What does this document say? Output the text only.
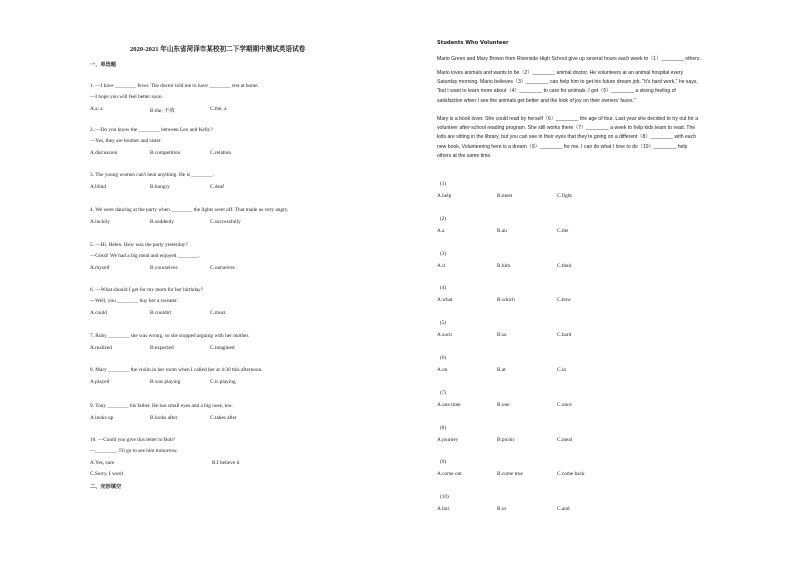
2020-2021 年山东省菏泽市某校初二下学期期中测试英语试卷
一、单选题
1. —I have ________ fever. The doctor told me to have ________ rest at home.
—I hope you will feel better soon.
A.a; a	B.the; 不填	C.the; a
2. —Do you know the ________ between Leo and Kelly?
—Yes, they are brother and sister.
A.discussion	B.competition	C.relation
3. The young women can't hear anything. He is ________.
A.blind	B.hungry	C.deaf
4. We were dancing at the party when ________ the lights went off. That made us very angry.
A.luckily	B.suddenly	C.successfully
5. —Hi, Helen. How was the party yesterday?
—Great! We had a big meal and enjoyed ________.
A.myself	B.yourselves	C.ourselves
6. —What should I get for my mom for her birthday?
—Well, you ________ buy her a sweater.
A.could	B.couldn't	C.must
7. Ruby ________ she was wrong, so she stopped arguing with her mother.
A.realized	B.expected	C.imagined
8. Mary ________ the violin in her room when I called her at 4:30 this afternoon.
A.played	B.was playing	C.is playing
9. Tony ________ his father. He has small eyes and a big nose, too.
A.looks up	B.looks after	C.takes after
10. —Could you give this letter to Bob?
—________. I'll go to see him tomorrow.
A.Yes, sure	B.I believe it
C.Sorry, I won't
二、完形填空
Students Who Volunteer
Mario Green and Mary Brown from Riverside High School give up several hours each week to（1）________ others.
Mario loves animals and wants to be（2）________ animal doctor. He volunteers at an animal hospital every
Saturday morning. Mario believes（3）________ can help him to get his future dream job. "It's hard work," he says,
"but I want to learn more about（4）________ to care for animals. I get（5）________ a strong feeling of
satisfaction when I see the animals get better and the look of joy on their owners' faces."
Mary is a book lover. She could read by herself（6）________ the age of four. Last year she decided to try out for a
volunteer after-school reading program. She still works there（7）________ a week to help kids learn to read. The
kids are sitting in the library, but you can see in their eyes that they're going on a different（8）________ with each
new book. Volunteering here is a dream（9）________ for me. I can do what I love to do（10）________ help
others at the same time.
(1)
A.help	B.meet	C.fight
(2)
A.a	B.an	C.the
(3)
A.it	B.him	C.their
(4)
A.what	B.which	C.how
(5)
A.such	B.so	C.hard
(6)
A.on	B.at	C.in
(7)
A.one time	B.one	C.once
(8)
A.journey	B.picnic	C.meal
(9)
A.come out	B.come true	C.come back
(10)
A.but	B.or	C.and
